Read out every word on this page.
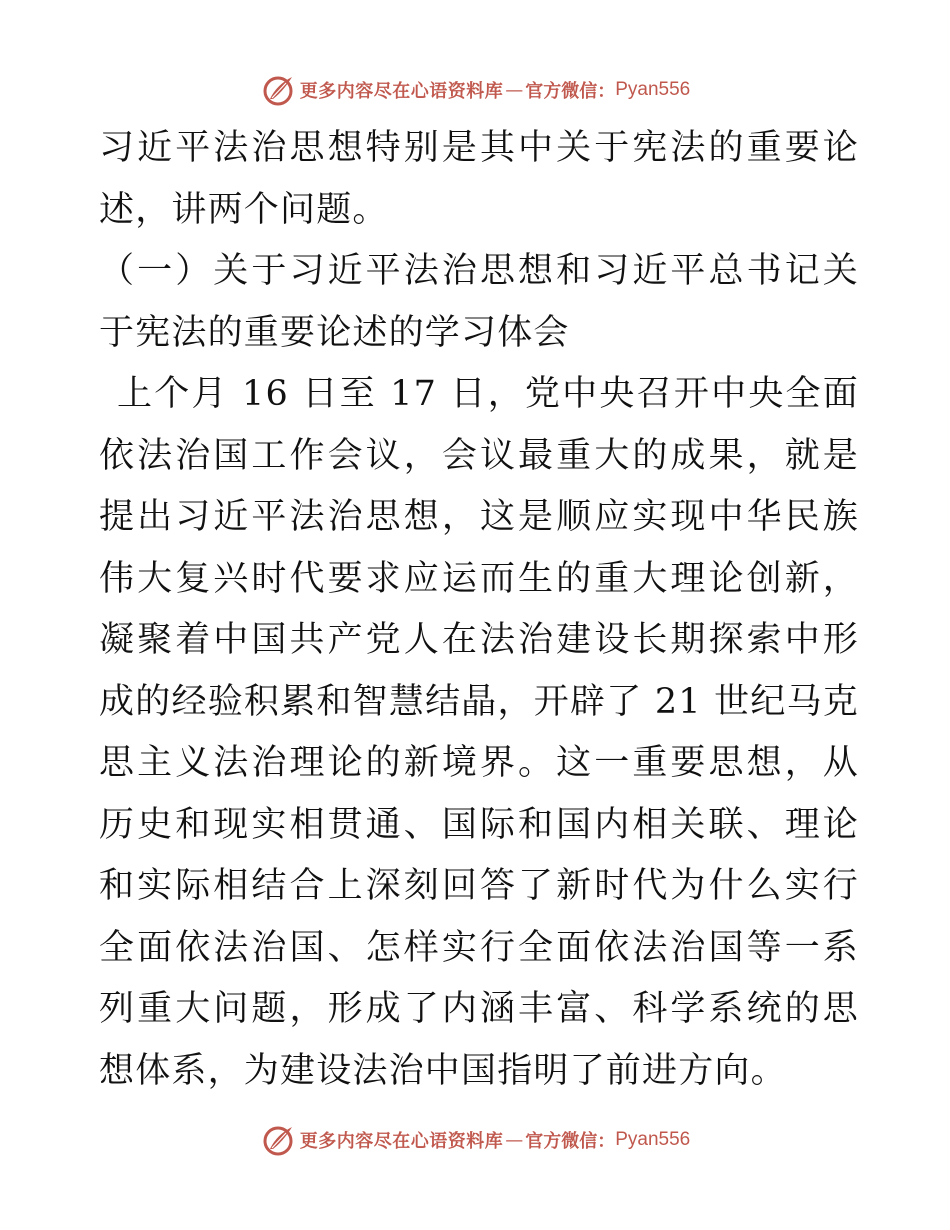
更多内容尽在心语资料库 — 官方微信： Pyan556

习近平法治思想特别是其中关于宪法的重要论述，讲两个问题。

（一）关于习近平法治思想和习近平总书记关于宪法的重要论述的学习体会

上个月 16 日至 17 日，党中央召开中央全面依法治国工作会议，会议最重大的成果，就是提出习近平法治思想，这是顺应实现中华民族伟大复兴时代要求应运而生的重大理论创新，凝聚着中国共产党人在法治建设长期探索中形成的经验积累和智慧结晶，开辟了 21 世纪马克思主义法治理论的新境界。这一重要思想，从历史和现实相贯通、国际和国内相关联、理论和实际相结合上深刻回答了新时代为什么实行全面依法治国、怎样实行全面依法治国等一系列重大问题，形成了内涵丰富、科学系统的思想体系，为建设法治中国指明了前进方向。

更多内容尽在心语资料库 — 官方微信： Pyan556
